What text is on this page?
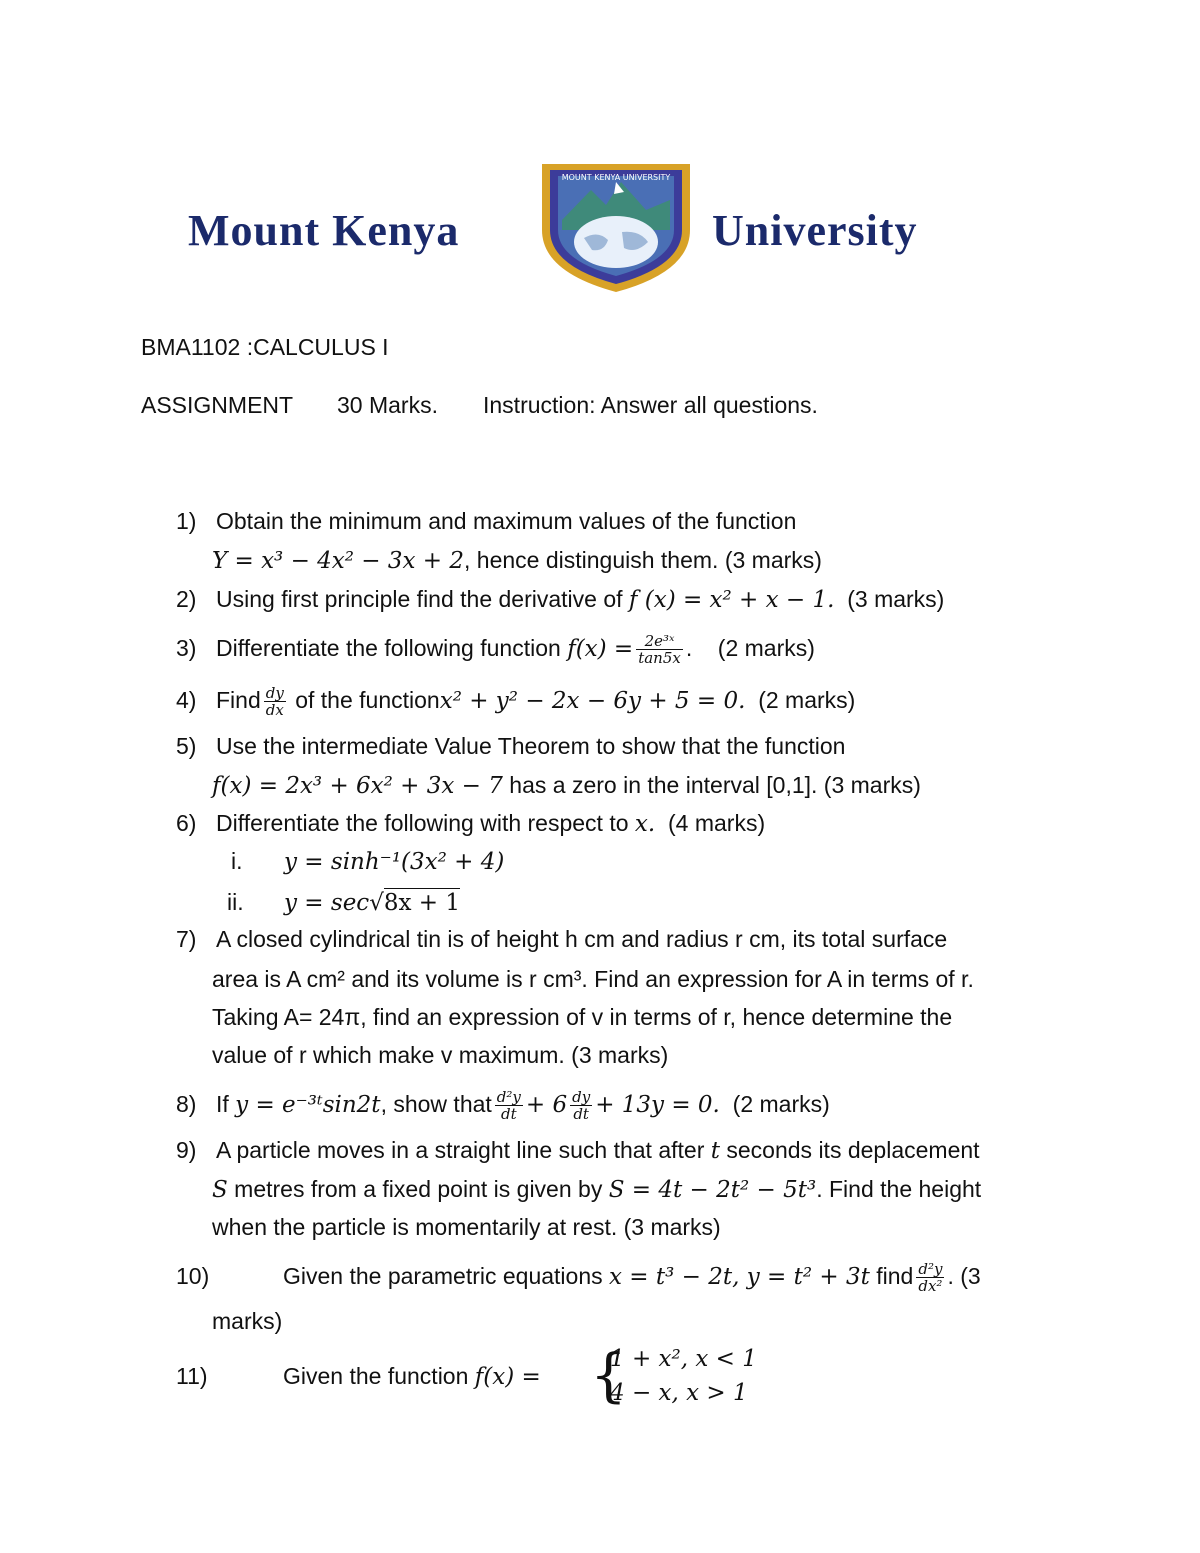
Mount Kenya
MOUNT KENYA UNIVERSITY
University
BMA1102 :CALCULUS I
ASSIGNMENT 30 Marks. Instruction: Answer all questions.
1) Obtain the minimum and maximum values of the function
Y = x³ − 4x² − 3x + 2, hence distinguish them. (3 marks)
2) Using first principle find the derivative of f (x) = x² + x − 1. (3 marks)
3) Differentiate the following function $f(x) = \frac{\text{2e³ˣ}}{\tan 5x}$ .    (2 marks)
4) Find $\frac{dy}{dx}$ of the functionx² + y² − 2x − 6y + 5 = 0. (2 marks)
5) Use the intermediate Value Theorem to show that the function
f(x) = 2x³ + 6x² + 3x − 7 has a zero in the interval [0,1]. (3 marks)
6) Differentiate the following with respect to x. (4 marks)
i. y = sinh⁻¹(3x² + 4)
ii. y = sec√8x + 1
7) A closed cylindrical tin is of height h cm and radius r cm, its total surface
area is A cm² and its volume is r cm³. Find an expression for A in terms of r.
Taking A= 24π, find an expression of v in terms of r, hence determine the
value of r which make v maximum. (3 marks)
8) If y = e⁻³ᵗsin2t, show that $\frac{\text{d²y}}{dt} + 6 \frac{dy}{dt} + 13y = 0$. (2 marks)
9) A particle moves in a straight line such that after t seconds its deplacement
S metres from a fixed point is given by S = 4t − 2t² − 5t³. Find the height
when the particle is momentarily at rest. (3 marks)
10)	Given the parametric equations x = t³ − 2t, y = t² + 3t find $\frac{\text{d²y}}{\text{dx²}}$ . (3
marks)
11)	Given the function f(x) = {
1 + x², x < 1
4 − x, x > 1
